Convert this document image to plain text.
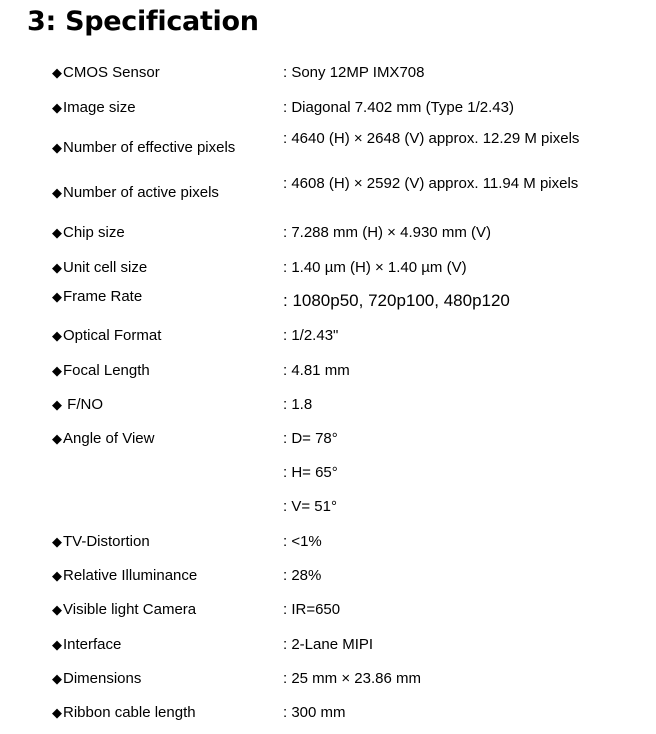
3: Specification
◆CMOS Sensor	: Sony 12MP IMX708
◆Image size	: Diagonal 7.402 mm (Type 1/2.43)
◆Number of effective pixels
: 4640 (H) × 2648 (V) approx. 12.29 M pixels
◆Number of active pixels
: 4608 (H) × 2592 (V) approx. 11.94 M pixels
◆Chip size	: 7.288 mm (H) × 4.930 mm (V)
◆Unit cell size	: 1.40 µm (H) × 1.40 µm (V)
◆Frame Rate	: 1080p50, 720p100, 480p120
◆Optical Format	: 1/2.43"
◆Focal Length	: 4.81 mm
◆ F/NO	: 1.8
◆Angle of View	: D= 78°
: H= 65°
: V= 51°
◆TV-Distortion	: <1%
◆Relative Illuminance	: 28%
◆Visible light Camera	: IR=650
◆Interface	: 2-Lane MIPI
◆Dimensions	: 25 mm × 23.86 mm
◆Ribbon cable length	: 300 mm
